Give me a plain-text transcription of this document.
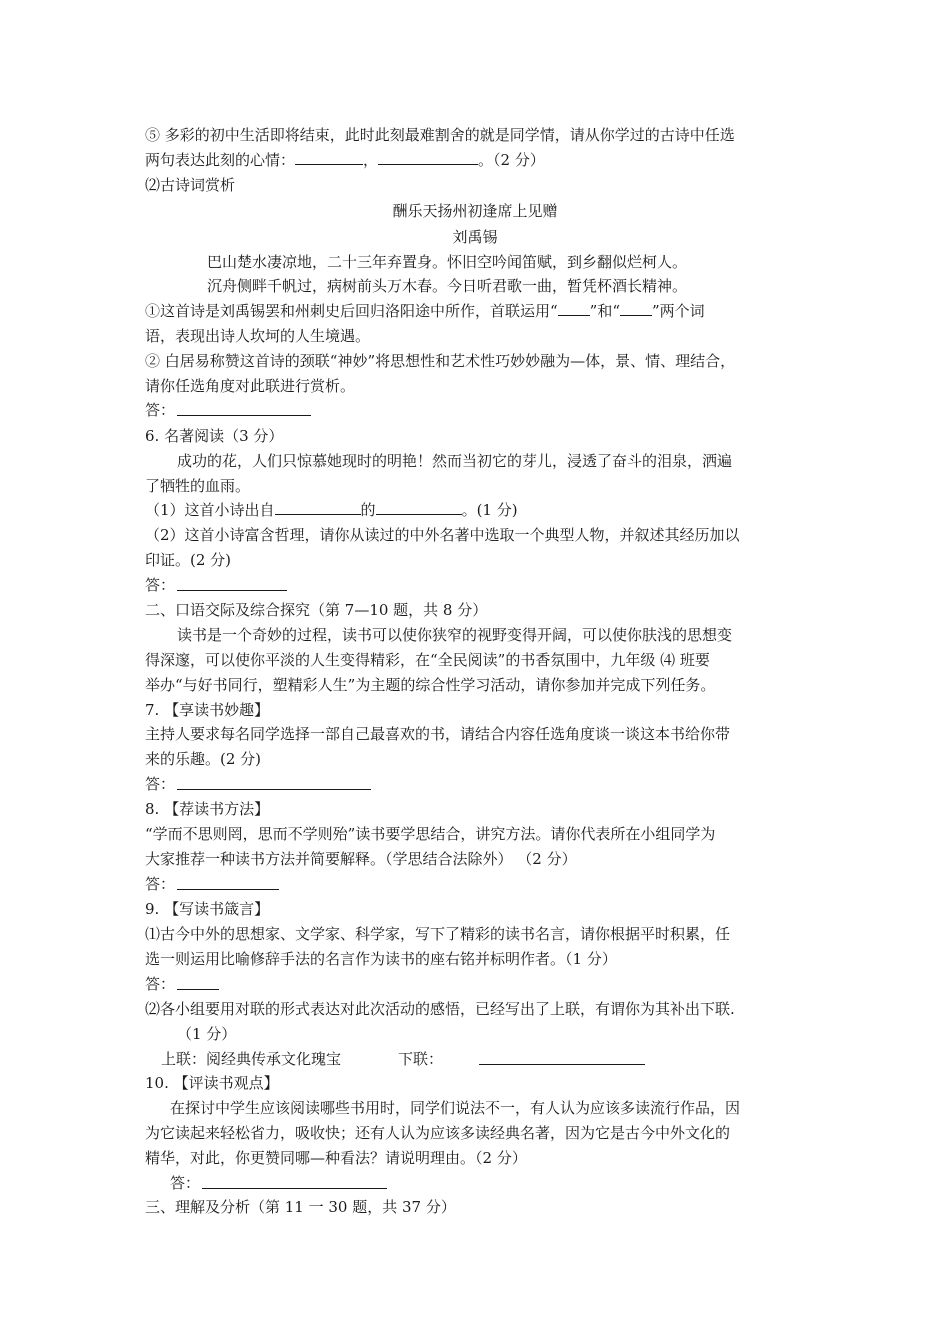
⑤ 多彩的初中生活即将结束，此时此刻最难割舍的就是同学情，请从你学过的古诗中任选
两句表达此刻的心情：	，	。（2 分）
⑵古诗词赏析
酬乐天扬州初逢席上见赠
刘禹锡
巴山楚水凄凉地，二十三年弃置身。怀旧空吟闻笛赋，到乡翻似烂柯人。
沉舟侧畔千帆过，病树前头万木春。今日听君歌一曲，暂凭杯酒长精神。
①这首诗是刘禹锡罢和州刺史后回归洛阳途中所作，首联运用“ ”和“ ”两个词
语，表现出诗人坎坷的人生境遇。
② 白居易称赞这首诗的颈联“神妙”将思想性和艺术性巧妙妙融为—体，景、情、理结合，
请你任选角度对此联进行赏析。
答：
6. 名著阅读（3 分）
成功的花，人们只惊慕她现时的明艳！然而当初它的芽儿，浸透了奋斗的泪泉，洒遍
了牺牲的血雨。
（1）这首小诗出自	的	。(1 分)
（2）这首小诗富含哲理，请你从读过的中外名著中选取一个典型人物，并叙述其经历加以
印证。(2 分)
答：
二、口语交际及综合探究（第 7—10 题，共 8 分）
读书是一个奇妙的过程，读书可以使你狭窄的视野变得开阔，可以使你肤浅的思想变
得深邃，可以使你平淡的人生变得精彩，在“全民阅读”的书香氛围中，九年级 ⑷ 班要
举办“与好书同行，塑精彩人生”为主题的综合性学习活动，请你参加并完成下列任务。
7. 【享读书妙趣】
主持人要求每名同学选择一部自己最喜欢的书，请结合内容任选角度谈一谈这本书给你带
来的乐趣。(2 分)
答：
8. 【荐读书方法】
“学而不思则罔，思而不学则殆”读书要学思结合，讲究方法。请你代表所在小组同学为
大家推荐一种读书方法并简要解释。（学思结合法除外） （2 分）
答：
9. 【写读书箴言】
⑴古今中外的思想家、文学家、科学家，写下了精彩的读书名言，请你根据平时积累，任
选一则运用比喻修辞手法的名言作为读书的座右铭并标明作者。（1 分）
答：
⑵各小组要用对联的形式表达对此次活动的感悟，已经写出了上联，有谓你为其补出下联.
（1 分）
上联：阅经典传承文化瑰宝	下联：
10. 【评读书观点】
在探讨中学生应该阅读哪些书用时，同学们说法不一，有人认为应该多读流行作品，因
为它读起来轻松省力，吸收快；还有人认为应该多读经典名著，因为它是古今中外文化的
精华，对此，你更赞同哪—种看法？请说明理由。（2 分）
答：
三、理解及分析（第 11 一 30 题，共 37 分）
